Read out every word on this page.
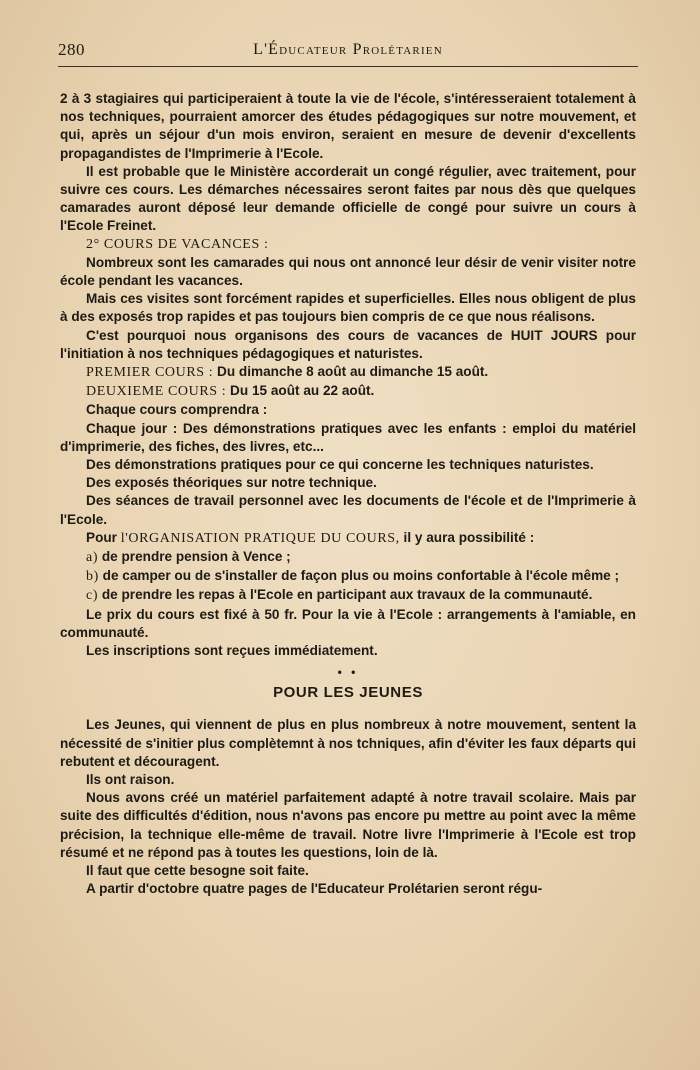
280	L'Éducateur Prolétarien

2 à 3 stagiaires qui participeraient à toute la vie de l'école, s'intéresseraient totalement à nos techniques, pourraient amorcer des études pédagogiques sur notre mouvement, et qui, après un séjour d'un mois environ, seraient en mesure de devenir d'excellents propagandistes de l'Imprimerie à l'Ecole.

Il est probable que le Ministère accorderait un congé régulier, avec traitement, pour suivre ces cours. Les démarches nécessaires seront faites par nous dès que quelques camarades auront déposé leur demande officielle de congé pour suivre un cours à l'Ecole Freinet.

2° COURS DE VACANCES :

Nombreux sont les camarades qui nous ont annoncé leur désir de venir visiter notre école pendant les vacances.

Mais ces visites sont forcément rapides et superficielles. Elles nous obligent de plus à des exposés trop rapides et pas toujours bien compris de ce que nous réalisons.

C'est pourquoi nous organisons des cours de vacances de HUIT JOURS pour l'initiation à nos techniques pédagogiques et naturistes.

PREMIER COURS : Du dimanche 8 août au dimanche 15 août.

DEUXIEME COURS : Du 15 août au 22 août.

Chaque cours comprendra :

Chaque jour : Des démonstrations pratiques avec les enfants : emploi du matériel d'imprimerie, des fiches, des livres, etc...

Des démonstrations pratiques pour ce qui concerne les techniques naturistes.

Des exposés théoriques sur notre technique.

Des séances de travail personnel avec les documents de l'école et de l'Imprimerie à l'Ecole.

Pour l'ORGANISATION PRATIQUE DU COURS, il y aura possibilité :

a) de prendre pension à Vence ;

b) de camper ou de s'installer de façon plus ou moins confortable à l'école même ;

c) de prendre les repas à l'Ecole en participant aux travaux de la communauté.

Le prix du cours est fixé à 50 fr. Pour la vie à l'Ecole : arrangements à l'amiable, en communauté.

Les inscriptions sont reçues immédiatement.

• •
POUR LES JEUNES

Les Jeunes, qui viennent de plus en plus nombreux à notre mouvement, sentent la nécessité de s'initier plus complètemnt à nos tchniques, afin d'éviter les faux départs qui rebutent et découragent.

Ils ont raison.

Nous avons créé un matériel parfaitement adapté à notre travail scolaire. Mais par suite des difficultés d'édition, nous n'avons pas encore pu mettre au point avec la même précision, la technique elle-même de travail. Notre livre l'Imprimerie à l'Ecole est trop résumé et ne répond pas à toutes les questions, loin de là.

Il faut que cette besogne soit faite.

A partir d'octobre quatre pages de l'Educateur Prolétarien seront régu-
